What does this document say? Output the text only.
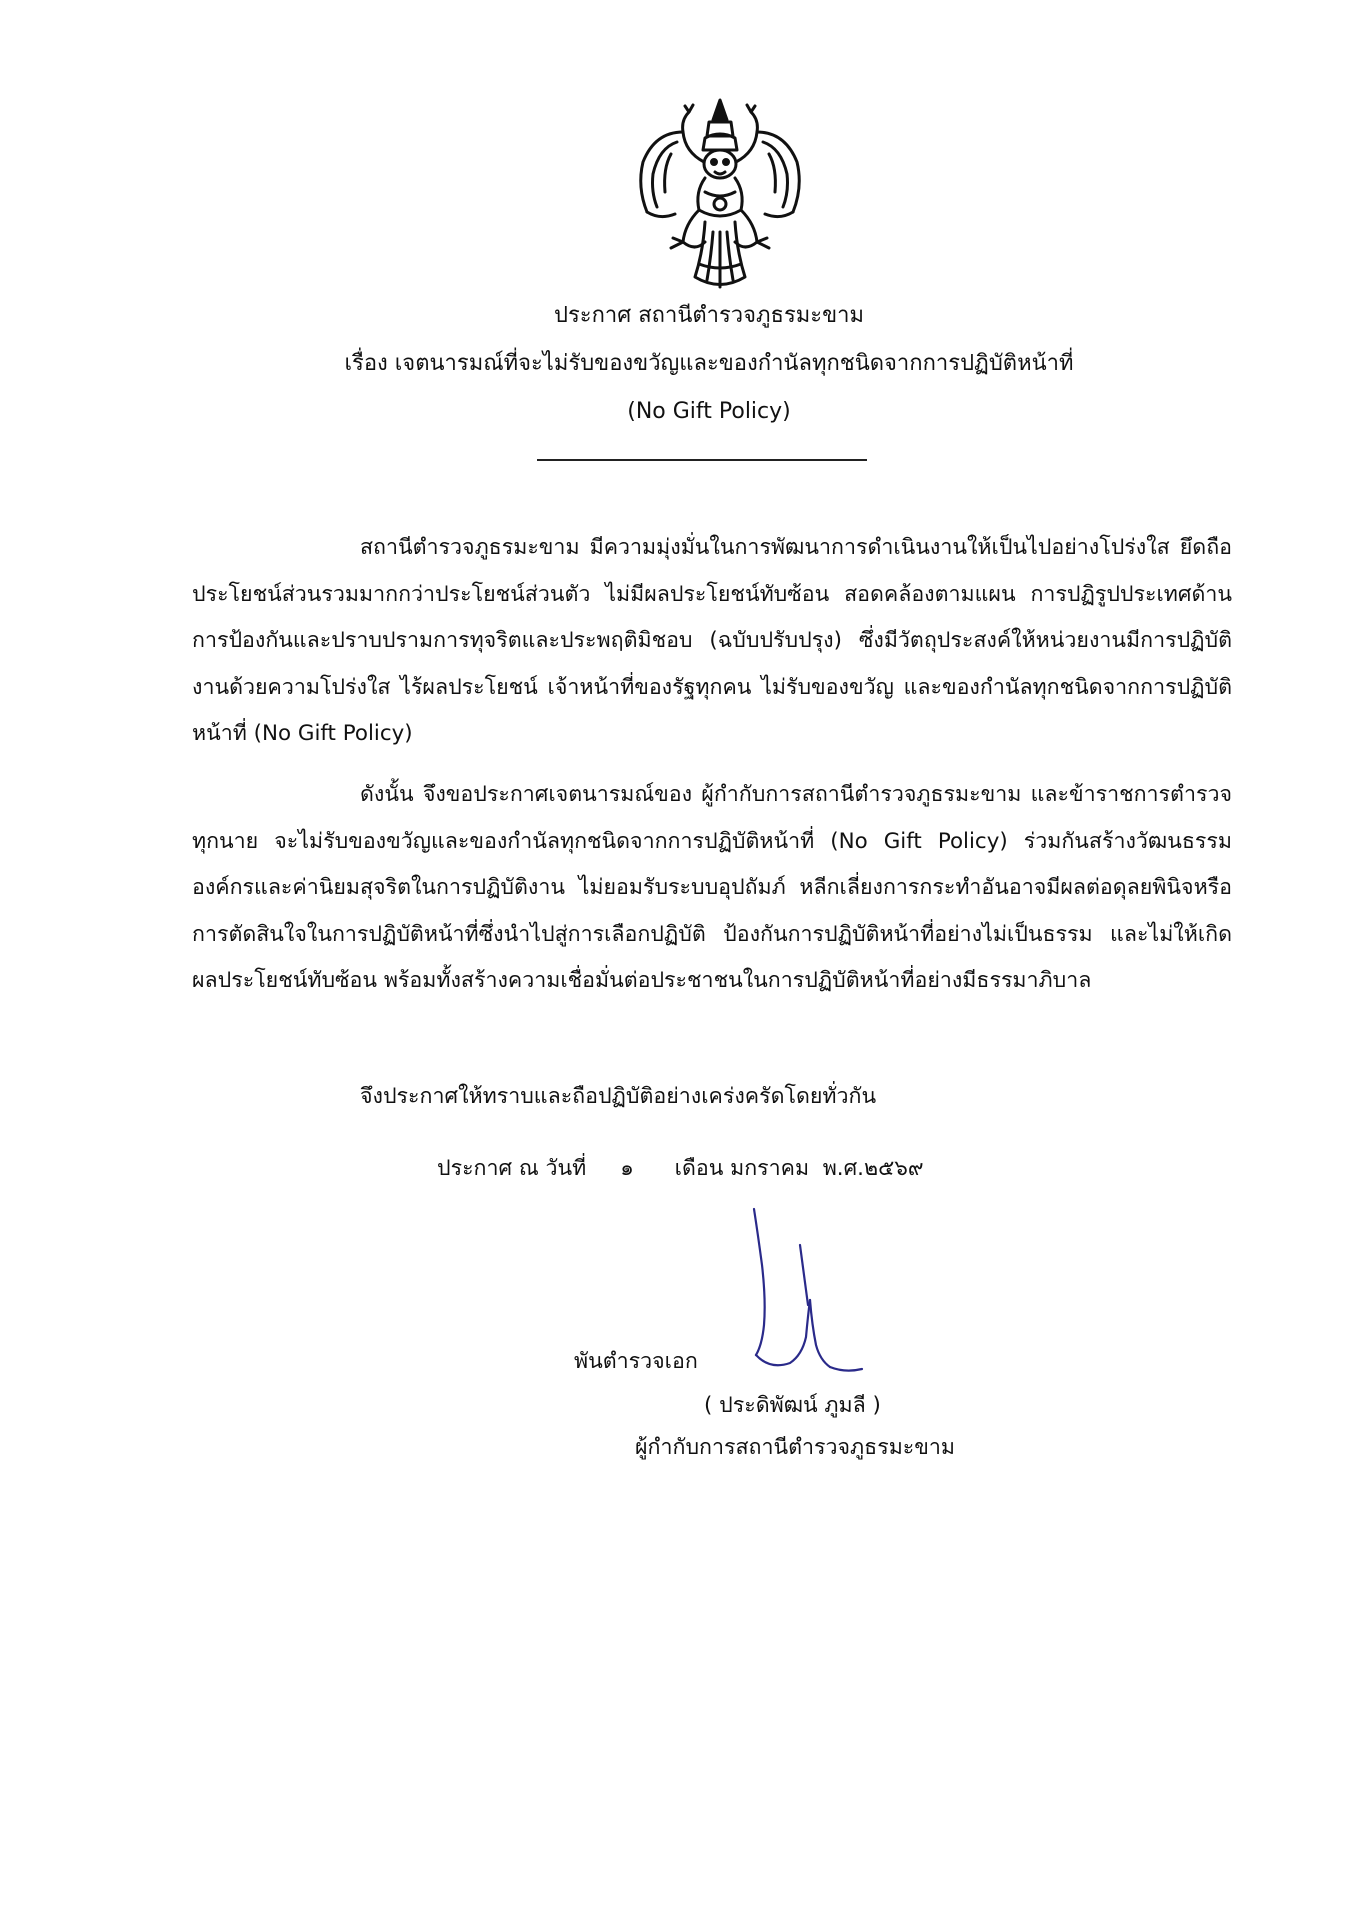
ประกาศ สถานีตำรวจภูธรมะขาม
เรื่อง เจตนารมณ์ที่จะไม่รับของขวัญและของกำนัลทุกชนิดจากการปฏิบัติหน้าที่
(No Gift Policy)
สถานีตำรวจภูธรมะขาม มีความมุ่งมั่นในการพัฒนาการดำเนินงานให้เป็นไปอย่างโปร่งใส ยึดถือประโยชน์ส่วนรวมมากกว่าประโยชน์ส่วนตัว ไม่มีผลประโยชน์ทับซ้อน สอดคล้องตามแผน การปฏิรูปประเทศด้านการป้องกันและปราบปรามการทุจริตและประพฤติมิชอบ (ฉบับปรับปรุง) ซึ่งมีวัตถุประสงค์ให้หน่วยงานมีการปฏิบัติงานด้วยความโปร่งใส ไร้ผลประโยชน์ เจ้าหน้าที่ของรัฐทุกคน ไม่รับของขวัญ และของกำนัลทุกชนิดจากการปฏิบัติหน้าที่ (No Gift Policy)
ดังนั้น จึงขอประกาศเจตนารมณ์ของ ผู้กำกับการสถานีตำรวจภูธรมะขาม และข้าราชการตำรวจทุกนาย จะไม่รับของขวัญและของกำนัลทุกชนิดจากการปฏิบัติหน้าที่ (No Gift Policy) ร่วมกันสร้างวัฒนธรรมองค์กรและค่านิยมสุจริตในการปฏิบัติงาน ไม่ยอมรับระบบอุปถัมภ์ หลีกเลี่ยงการกระทำอันอาจมีผลต่อดุลยพินิจหรือการตัดสินใจในการปฏิบัติหน้าที่ซึ่งนำไปสู่การเลือกปฏิบัติ ป้องกันการปฏิบัติหน้าที่อย่างไม่เป็นธรรม และไม่ให้เกิดผลประโยชน์ทับซ้อน พร้อมทั้งสร้างความเชื่อมั่นต่อประชาชนในการปฏิบัติหน้าที่อย่างมีธรรมาภิบาล
จึงประกาศให้ทราบและถือปฏิบัติอย่างเคร่งครัดโดยทั่วกัน
ประกาศ ณ วันที่ ๑ เดือน มกราคม พ.ศ.๒๕๖๙
พันตำรวจเอก
( ประดิพัฒน์ ภูมลี )
ผู้กำกับการสถานีตำรวจภูธรมะขาม
